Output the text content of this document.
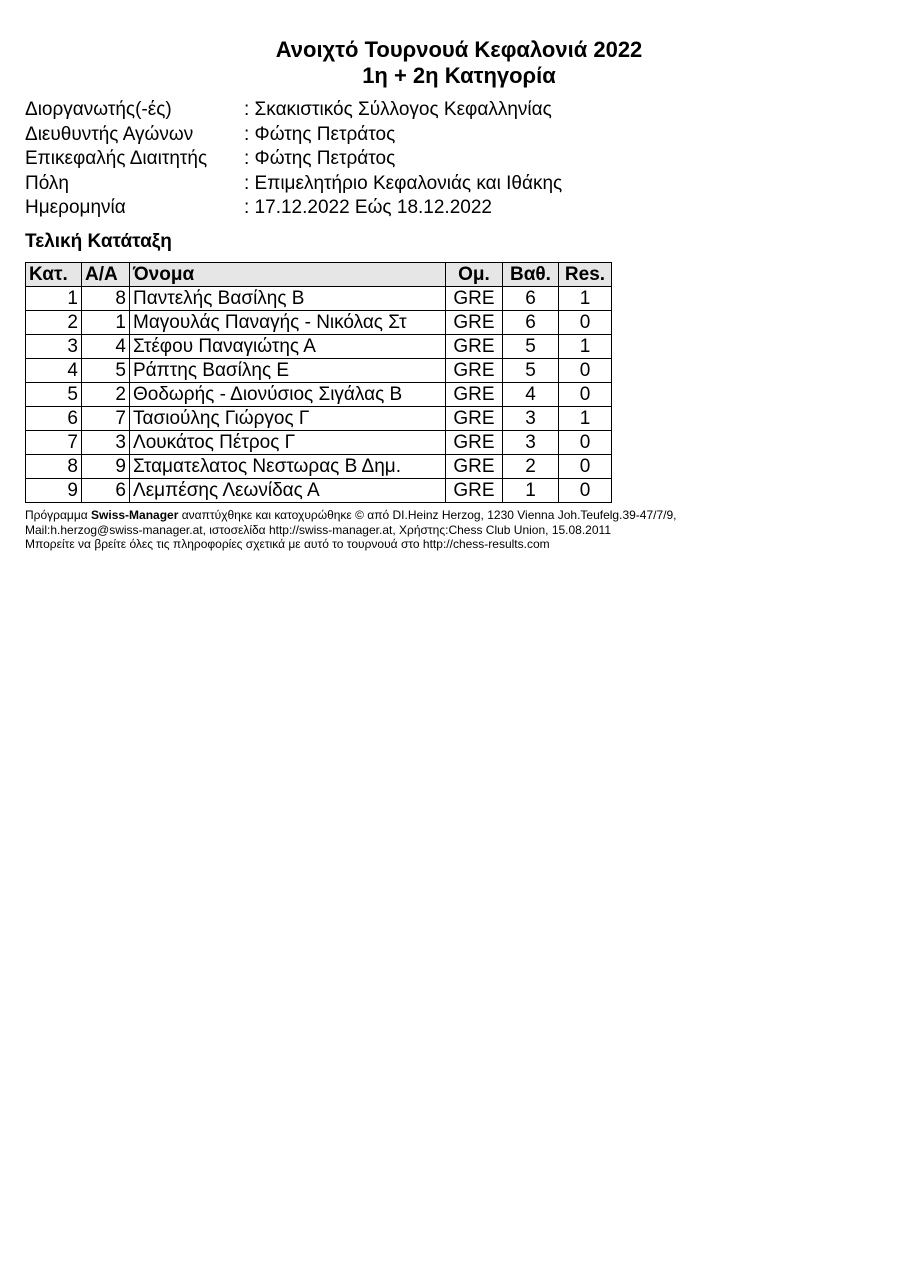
Ανοιχτό Τουρνουά Κεφαλονιά 2022
1η + 2η Κατηγορία
Διοργανωτής(-ές)	: Σκακιστικός Σύλλογος Κεφαλληνίας
Διευθυντής Αγώνων	: Φώτης Πετράτος
Επικεφαλής Διαιτητής	: Φώτης Πετράτος
Πόλη	: Επιμελητήριο Κεφαλονιάς και Ιθάκης
Ημερομηνία	: 17.12.2022 Εώς 18.12.2022
Τελική Κατάταξη
Κατ.	Α/Α	Όνομα	Ομ.	Βαθ.	Res.
1	8	Παντελής Βασίλης Β	GRE	6	1
2	1	Μαγουλάς Παναγής - Νικόλας Στ	GRE	6	0
3	4	Στέφου Παναγιώτης Α	GRE	5	1
4	5	Ράπτης Βασίλης Ε	GRE	5	0
5	2	Θοδωρής - Διονύσιος Σιγάλας Β	GRE	4	0
6	7	Τασιούλης Γιώργος Γ	GRE	3	1
7	3	Λουκάτος Πέτρος Γ	GRE	3	0
8	9	Σταματελατος Νεστωρας Β Δημ.	GRE	2	0
9	6	Λεμπέσης Λεωνίδας Α	GRE	1	0
Πρόγραμμα Swiss-Manager αναπτύχθηκε και κατοχυρώθηκε © από DI.Heinz Herzog, 1230 Vienna Joh.Teufelg.39-47/7/9,
Mail:h.herzog@swiss-manager.at, ιστοσελίδα http://swiss-manager.at, Χρήστης:Chess Club Union, 15.08.2011
Μπορείτε να βρείτε όλες τις πληροφορίες σχετικά με αυτό το τουρνουά στο http://chess-results.com
